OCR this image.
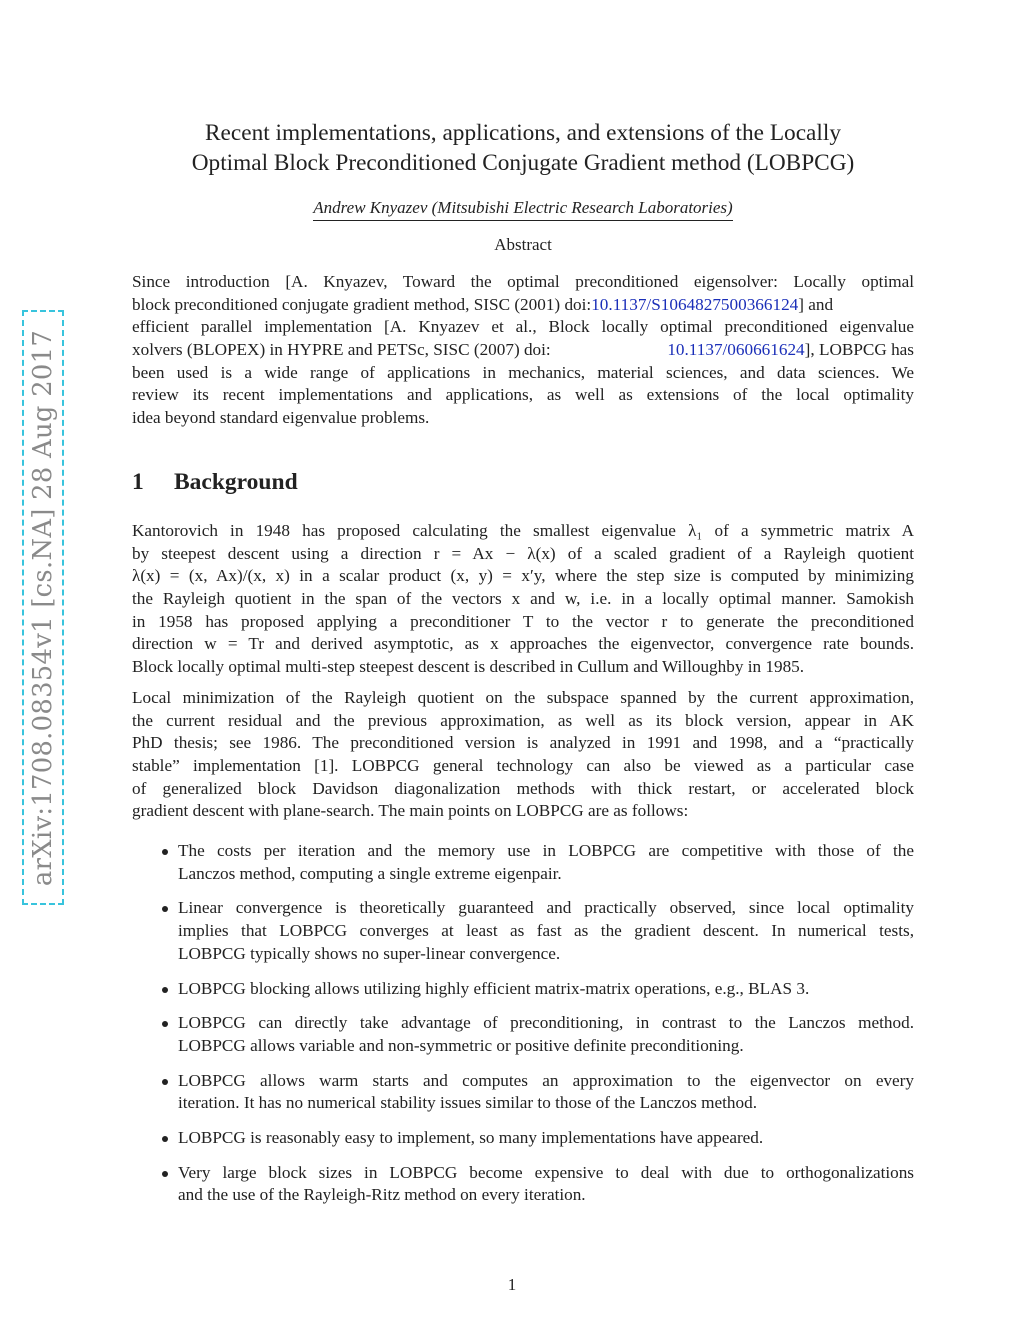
arXiv:1708.08354v1 [cs.NA] 28 Aug 2017
Recent implementations, applications, and extensions of the Locally
Optimal Block Preconditioned Conjugate Gradient method (LOBPCG)
Andrew Knyazev (Mitsubishi Electric Research Laboratories)
Abstract
Since introduction [A. Knyazev, Toward the optimal preconditioned eigensolver: Locally optimal
block preconditioned conjugate gradient method, SISC (2001) doi:10.1137/S1064827500366124] and
efficient parallel implementation [A. Knyazev et al., Block locally optimal preconditioned eigenvalue
xolvers (BLOPEX) in HYPRE and PETSc, SISC (2007) doi:	10.1137/060661624], LOBPCG has
been used is a wide range of applications in mechanics, material sciences, and data sciences. We
review its recent implementations and applications, as well as extensions of the local optimality
idea beyond standard eigenvalue problems.
1 Background
Kantorovich in 1948 has proposed calculating the smallest eigenvalue λ₁ of a symmetric matrix A
by steepest descent using a direction r = Ax − λ(x) of a scaled gradient of a Rayleigh quotient
λ(x) = (x, Ax)/(x, x) in a scalar product (x, y) = x′y, where the step size is computed by minimizing
the Rayleigh quotient in the span of the vectors x and w, i.e. in a locally optimal manner. Samokish
in 1958 has proposed applying a preconditioner T to the vector r to generate the preconditioned
direction w = Tr and derived asymptotic, as x approaches the eigenvector, convergence rate bounds.
Block locally optimal multi-step steepest descent is described in Cullum and Willoughby in 1985.
Local minimization of the Rayleigh quotient on the subspace spanned by the current approximation,
the current residual and the previous approximation, as well as its block version, appear in AK
PhD thesis; see 1986. The preconditioned version is analyzed in 1991 and 1998, and a “practically
stable” implementation [1]. LOBPCG general technology can also be viewed as a particular case
of generalized block Davidson diagonalization methods with thick restart, or accelerated block
gradient descent with plane-search. The main points on LOBPCG are as follows:
The costs per iteration and the memory use in LOBPCG are competitive with those of the
Lanczos method, computing a single extreme eigenpair.
Linear convergence is theoretically guaranteed and practically observed, since local optimality
implies that LOBPCG converges at least as fast as the gradient descent. In numerical tests,
LOBPCG typically shows no super-linear convergence.
LOBPCG blocking allows utilizing highly efficient matrix-matrix operations, e.g., BLAS 3.
LOBPCG can directly take advantage of preconditioning, in contrast to the Lanczos method.
LOBPCG allows variable and non-symmetric or positive definite preconditioning.
LOBPCG allows warm starts and computes an approximation to the eigenvector on every
iteration. It has no numerical stability issues similar to those of the Lanczos method.
LOBPCG is reasonably easy to implement, so many implementations have appeared.
Very large block sizes in LOBPCG become expensive to deal with due to orthogonalizations
and the use of the Rayleigh-Ritz method on every iteration.
1
